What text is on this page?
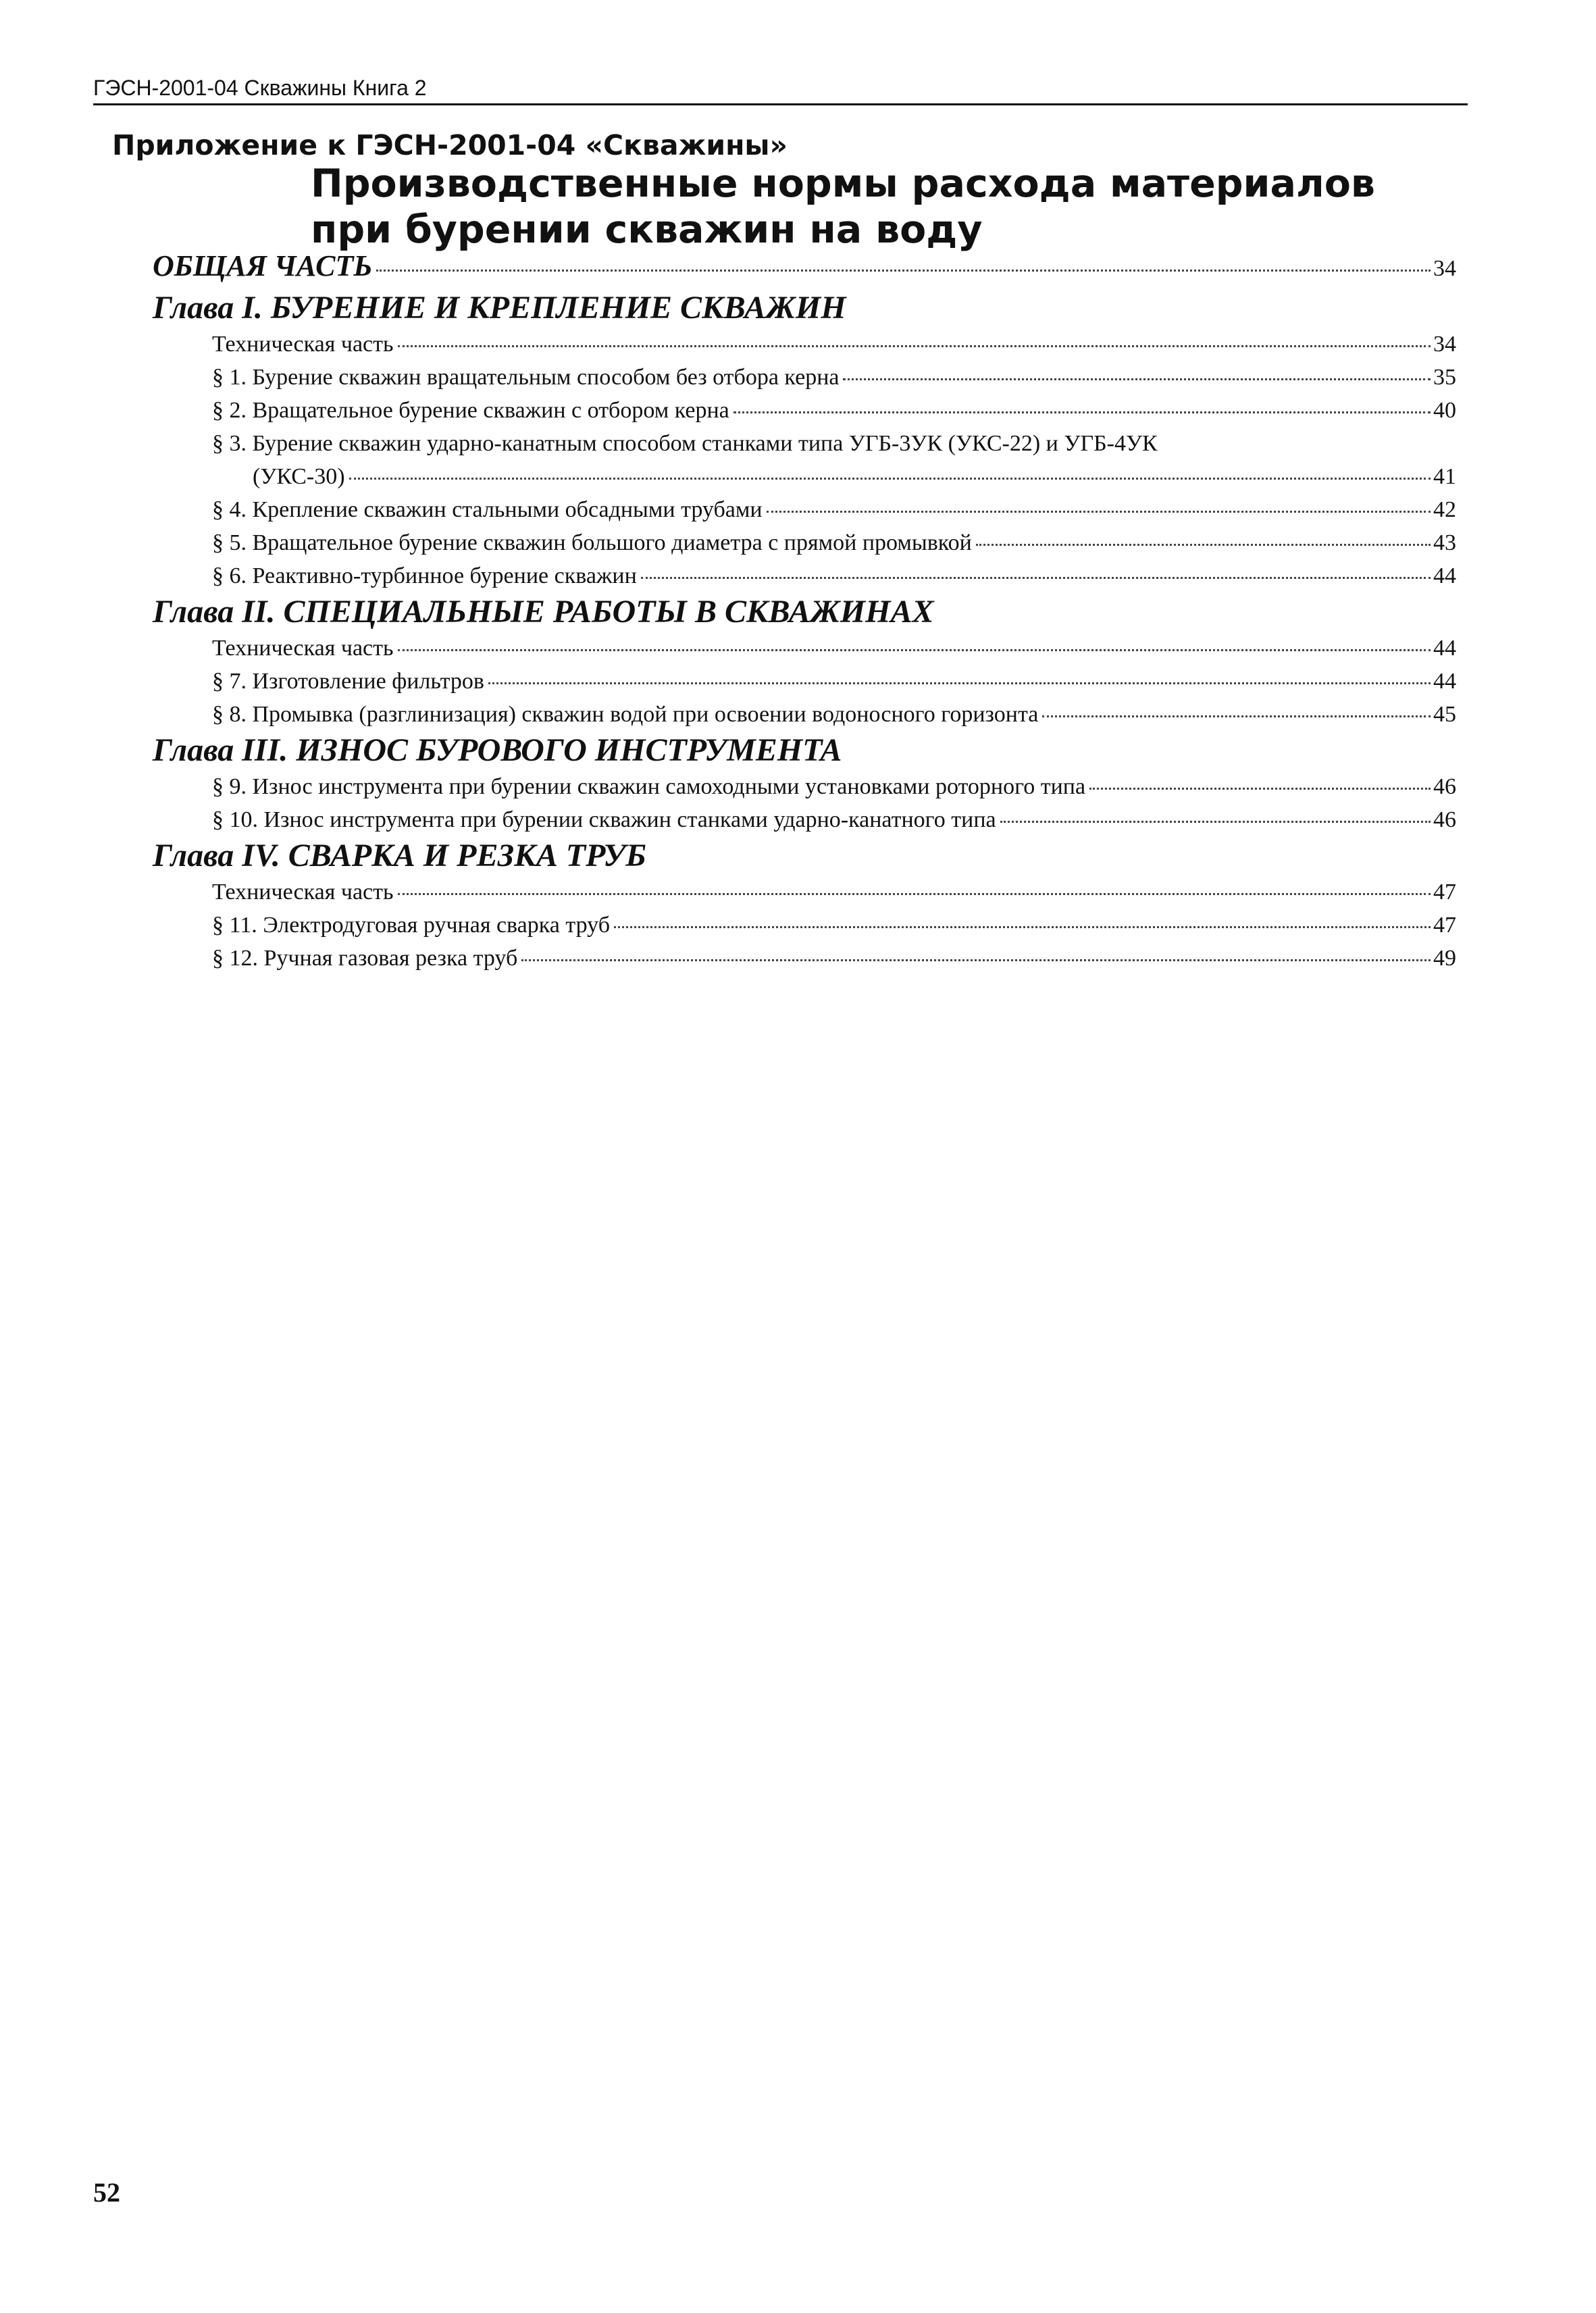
ГЭСН-2001-04 Скважины Книга 2
Приложение к ГЭСН-2001-04 «Скважины»
Производственные нормы расхода материалов
при бурении скважин на воду
ОБЩАЯ ЧАСТЬ	34
Глава I. БУРЕНИЕ И КРЕПЛЕНИЕ СКВАЖИН
Техническая часть	34
§ 1. Бурение скважин вращательным способом без отбора керна	35
§ 2. Вращательное бурение скважин с отбором керна	40
§ 3. Бурение скважин ударно-канатным способом станками типа УГБ-3УК (УКС-22) и УГБ-4УК
(УКС-30)	41
§ 4. Крепление скважин стальными обсадными трубами	42
§ 5. Вращательное бурение скважин большого диаметра с прямой промывкой	43
§ 6. Реактивно-турбинное бурение скважин	44
Глава II. СПЕЦИАЛЬНЫЕ РАБОТЫ В СКВАЖИНАХ
Техническая часть	44
§ 7. Изготовление фильтров	44
§ 8. Промывка (разглинизация) скважин водой при освоении водоносного горизонта	45
Глава III. ИЗНОС БУРОВОГО ИНСТРУМЕНТА
§ 9. Износ инструмента при бурении скважин самоходными установками роторного типа	46
§ 10. Износ инструмента при бурении скважин станками ударно-канатного типа	46
Глава IV. СВАРКА И РЕЗКА ТРУБ
Техническая часть	47
§ 11. Электродуговая ручная сварка труб	47
§ 12. Ручная газовая резка труб	49
52
